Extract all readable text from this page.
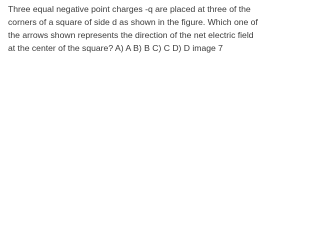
Three equal negative point charges -q are placed at three of the
corners of a square of side d as shown in the figure. Which one of
the arrows shown represents the direction of the net electric field
at the center of the square? A) A B) B C) C D) D image 7
